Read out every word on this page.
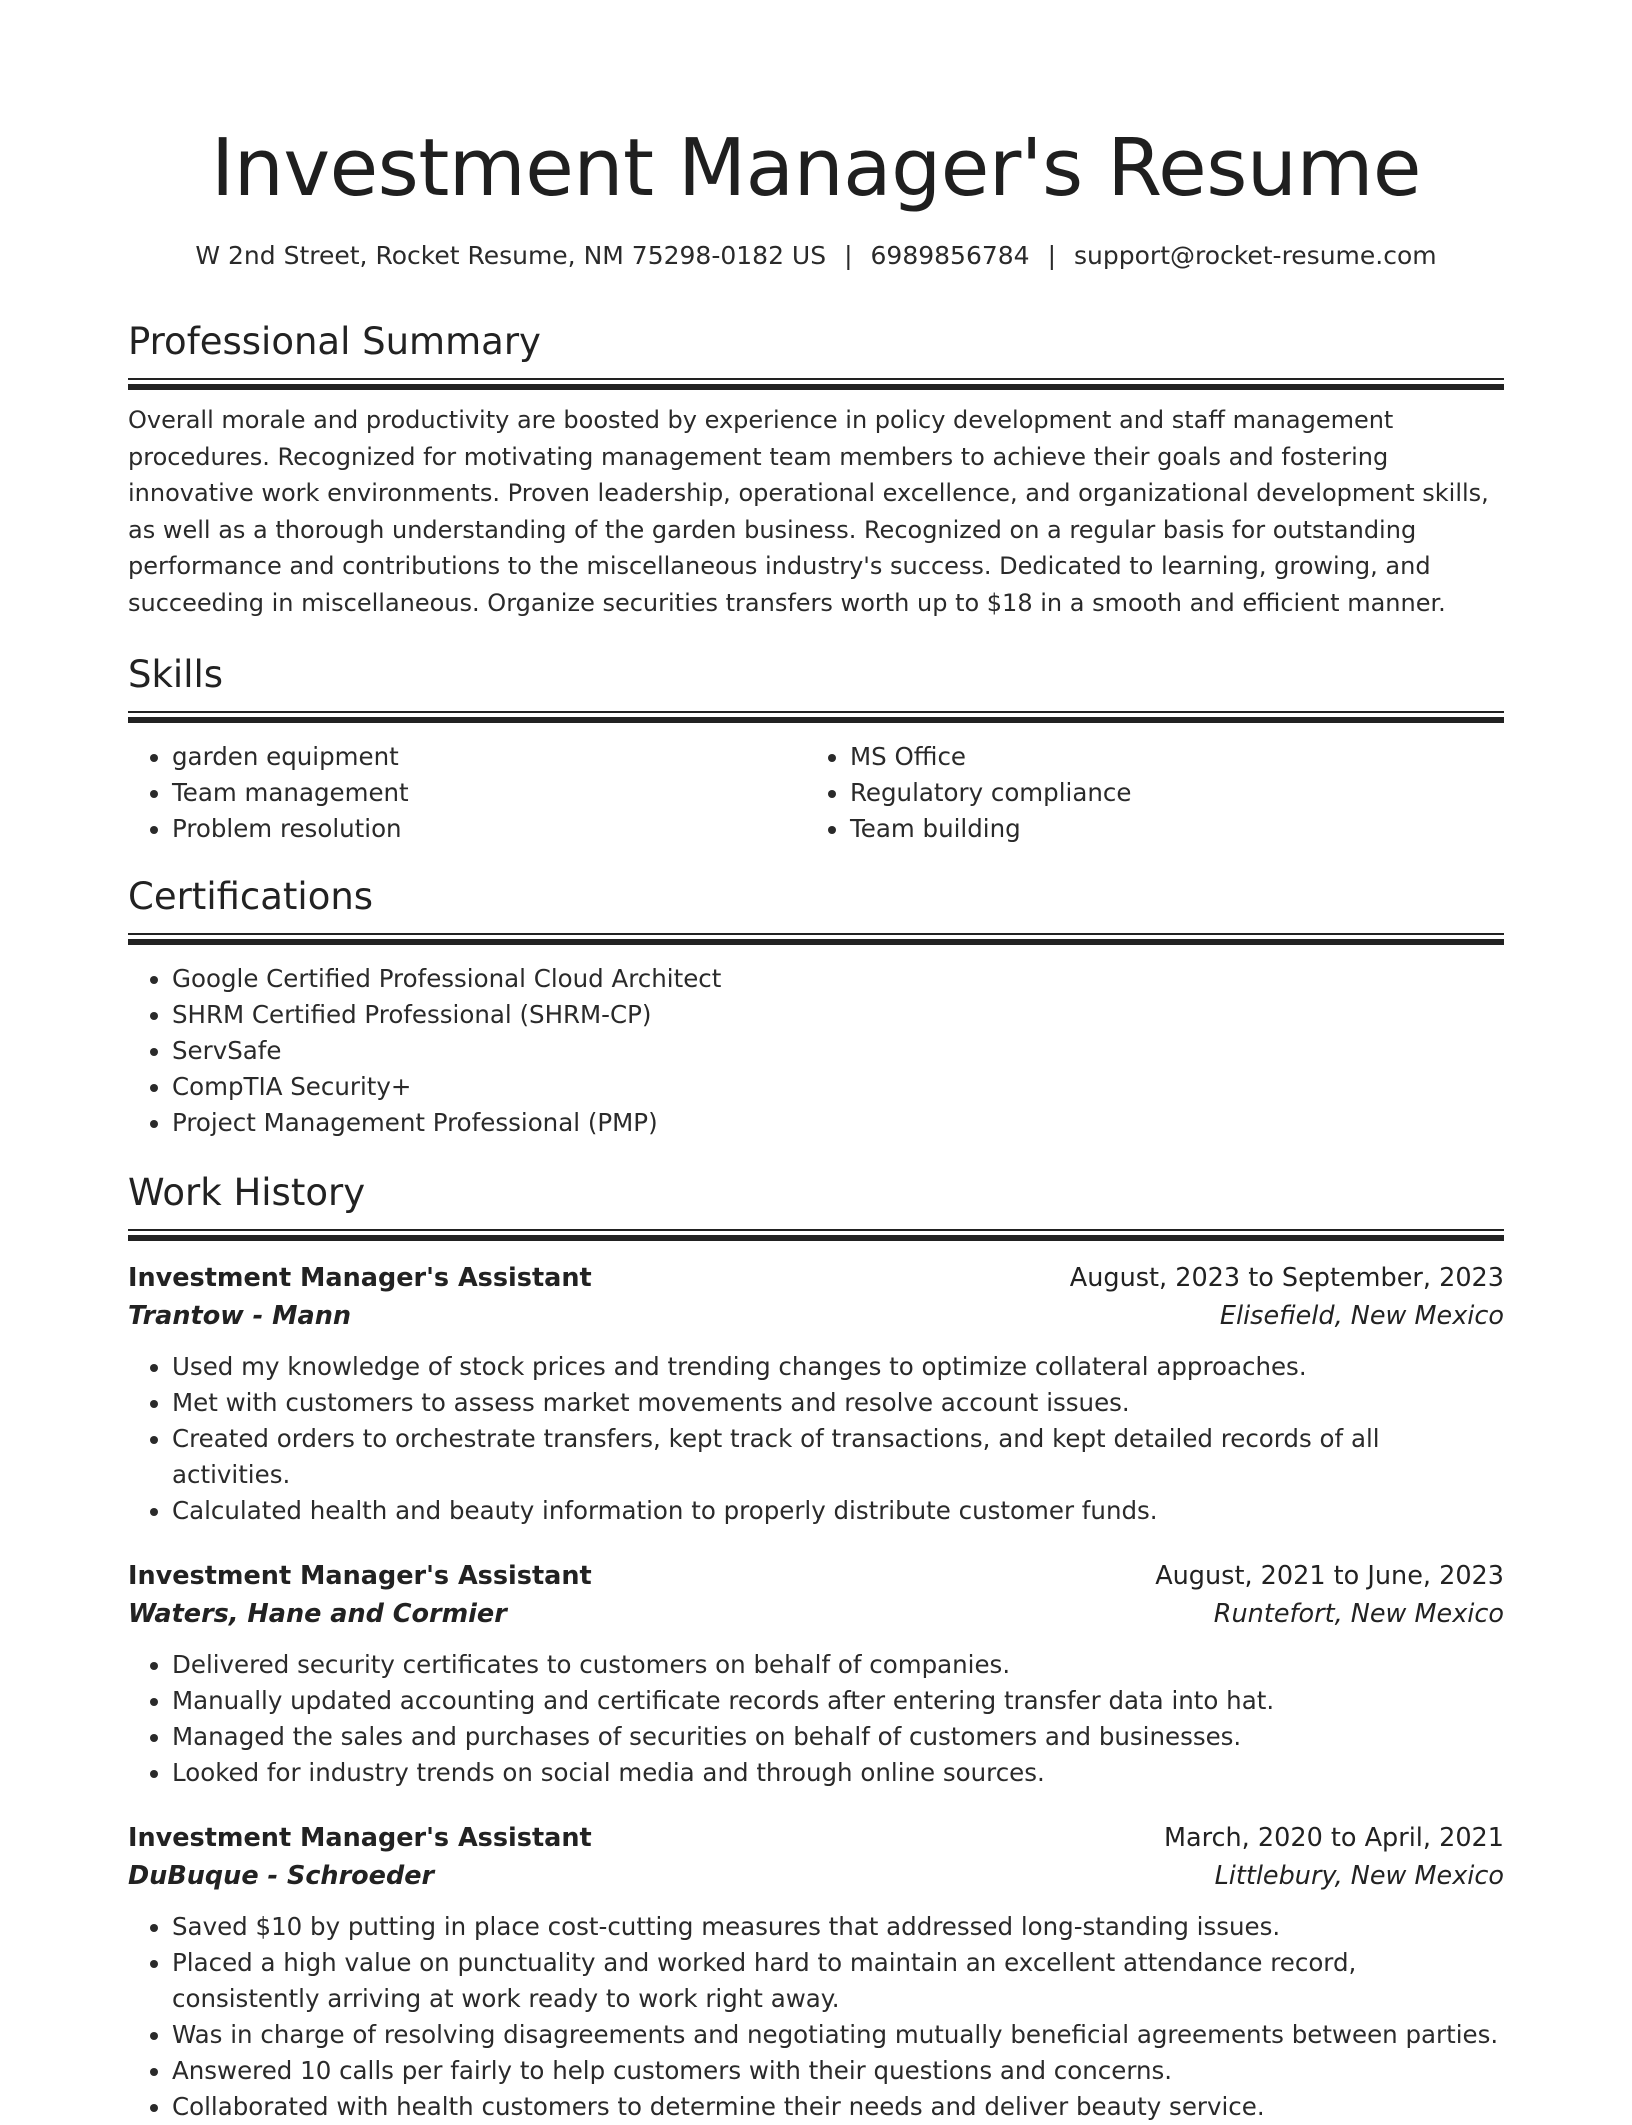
Investment Manager's Resume
W 2nd Street, Rocket Resume, NM 75298-0182 US | 6989856784 | support@rocket-resume.com
Professional Summary
Overall morale and productivity are boosted by experience in policy development and staff management procedures. Recognized for motivating management team members to achieve their goals and fostering innovative work environments. Proven leadership, operational excellence, and organizational development skills, as well as a thorough understanding of the garden business. Recognized on a regular basis for outstanding performance and contributions to the miscellaneous industry's success. Dedicated to learning, growing, and succeeding in miscellaneous. Organize securities transfers worth up to $18 in a smooth and efficient manner.
Skills
• garden equipment
• Team management
• Problem resolution
• MS Office
• Regulatory compliance
• Team building
Certifications
• Google Certified Professional Cloud Architect
• SHRM Certified Professional (SHRM-CP)
• ServSafe
• CompTIA Security+
• Project Management Professional (PMP)
Work History
Investment Manager's Assistant	August, 2023 to September, 2023
Trantow - Mann	Elisefield, New Mexico
• Used my knowledge of stock prices and trending changes to optimize collateral approaches.
• Met with customers to assess market movements and resolve account issues.
• Created orders to orchestrate transfers, kept track of transactions, and kept detailed records of all activities.
• Calculated health and beauty information to properly distribute customer funds.
Investment Manager's Assistant	August, 2021 to June, 2023
Waters, Hane and Cormier	Runtefort, New Mexico
• Delivered security certificates to customers on behalf of companies.
• Manually updated accounting and certificate records after entering transfer data into hat.
• Managed the sales and purchases of securities on behalf of customers and businesses.
• Looked for industry trends on social media and through online sources.
Investment Manager's Assistant	March, 2020 to April, 2021
DuBuque - Schroeder	Littlebury, New Mexico
• Saved $10 by putting in place cost-cutting measures that addressed long-standing issues.
• Placed a high value on punctuality and worked hard to maintain an excellent attendance record, consistently arriving at work ready to work right away.
• Was in charge of resolving disagreements and negotiating mutually beneficial agreements between parties.
• Answered 10 calls per fairly to help customers with their questions and concerns.
• Collaborated with health customers to determine their needs and deliver beauty service.
